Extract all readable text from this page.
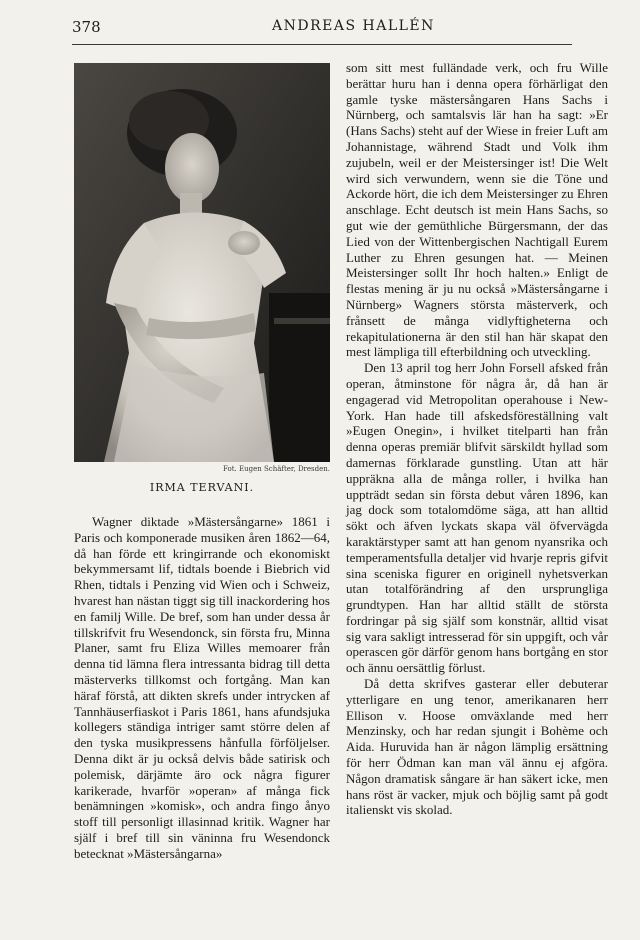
378	ANDREAS HALLÉN
Fot. Eugen Schäfter, Dresden.
IRMA TERVANI.

Wagner diktade »Mästersångarne» 1861 i Paris och komponerade musiken åren 1862—64, då han förde ett kringirrande och ekonomiskt bekymmersamt lif, tidtals boende i Biebrich vid Rhen, tidtals i Penzing vid Wien och i Schweiz, hvarest han nästan tiggt sig till inackordering hos en familj Wille. De bref, som han under dessa år tillskrifvit fru Wesendonck, sin första fru, Minna Planer, samt fru Eliza Willes memoarer från denna tid lämna flera intressanta bidrag till detta mästerverks tillkomst och fortgång. Man kan häraf förstå, att dikten skrefs under intrycken af Tannhäuserfiaskot i Paris 1861, hans afundsjuka kollegers ständiga intriger samt större delen af den tyska musikpressens hånfulla förföljelser. Denna dikt är ju också delvis både satirisk och polemisk, därjämte äro ock några figurer karikerade, hvarför »operan» af många fick benämningen »komisk», och andra fingo ånyo stoff till personligt illasinnad kritik. Wagner har själf i bref till sin väninna fru Wesendonck betecknat »Mästersångarna»

som sitt mest fulländade verk, och fru Wille berättar huru han i denna opera förhärligat den gamle tyske mästersångaren Hans Sachs i Nürnberg, och samtalsvis lär han ha sagt: »Er (Hans Sachs) steht auf der Wiese in freier Luft am Johannistage, während Stadt und Volk ihm zujubeln, weil er der Meistersinger ist! Die Welt wird sich verwundern, wenn sie die Töne und Ackorde hört, die ich dem Meistersinger zu Ehren anschlage. Echt deutsch ist mein Hans Sachs, so gut wie der gemüthliche Bürgersmann, der das Lied von der Wittenbergischen Nachtigall Eurem Luther zu Ehren gesungen hat. — Meinen Meistersinger sollt Ihr hoch halten.» Enligt de flestas mening är ju nu också »Mästersångarne i Nürnberg» Wagners största mästerverk, och frånsett de många vidlyftigheterna och rekapitulationerna är den stil han här skapat den mest lämpliga till efterbildning och utveckling.

Den 13 april tog herr John Forsell afsked från operan, åtminstone för några år, då han är engagerad vid Metropolitan operahouse i New-York. Han hade till afskedsföreställning valt »Eugen Onegin», i hvilket titelparti han från denna operas premiär blifvit särskildt hyllad som damernas förklarade gunstling. Utan att här uppräkna alla de många roller, i hvilka han uppträdt sedan sin första debut våren 1896, kan jag dock som totalomdöme säga, att han alltid sökt och äfven lyckats skapa väl öfvervägda karaktärstyper samt att han genom nyansrika och temperamentsfulla detaljer vid hvarje repris gifvit sina sceniska figurer en originell nyhetsverkan utan totalförändring af den ursprungliga grundtypen. Han har alltid ställt de största fordringar på sig själf som konstnär, alltid visat sig vara sakligt intresserad för sin uppgift, och vår operascen gör därför genom hans bortgång en stor och ännu oersättlig förlust.

Då detta skrifves gasterar eller debuterar ytterligare en ung tenor, amerikanaren herr Ellison v. Hoose omväxlande med herr Menzinsky, och har redan sjungit i Bohème och Aida. Huruvida han är någon lämplig ersättning för herr Ödman kan man väl ännu ej afgöra. Någon dramatisk sångare är han säkert icke, men hans röst är vacker, mjuk och böjlig samt på godt italienskt vis skolad.
